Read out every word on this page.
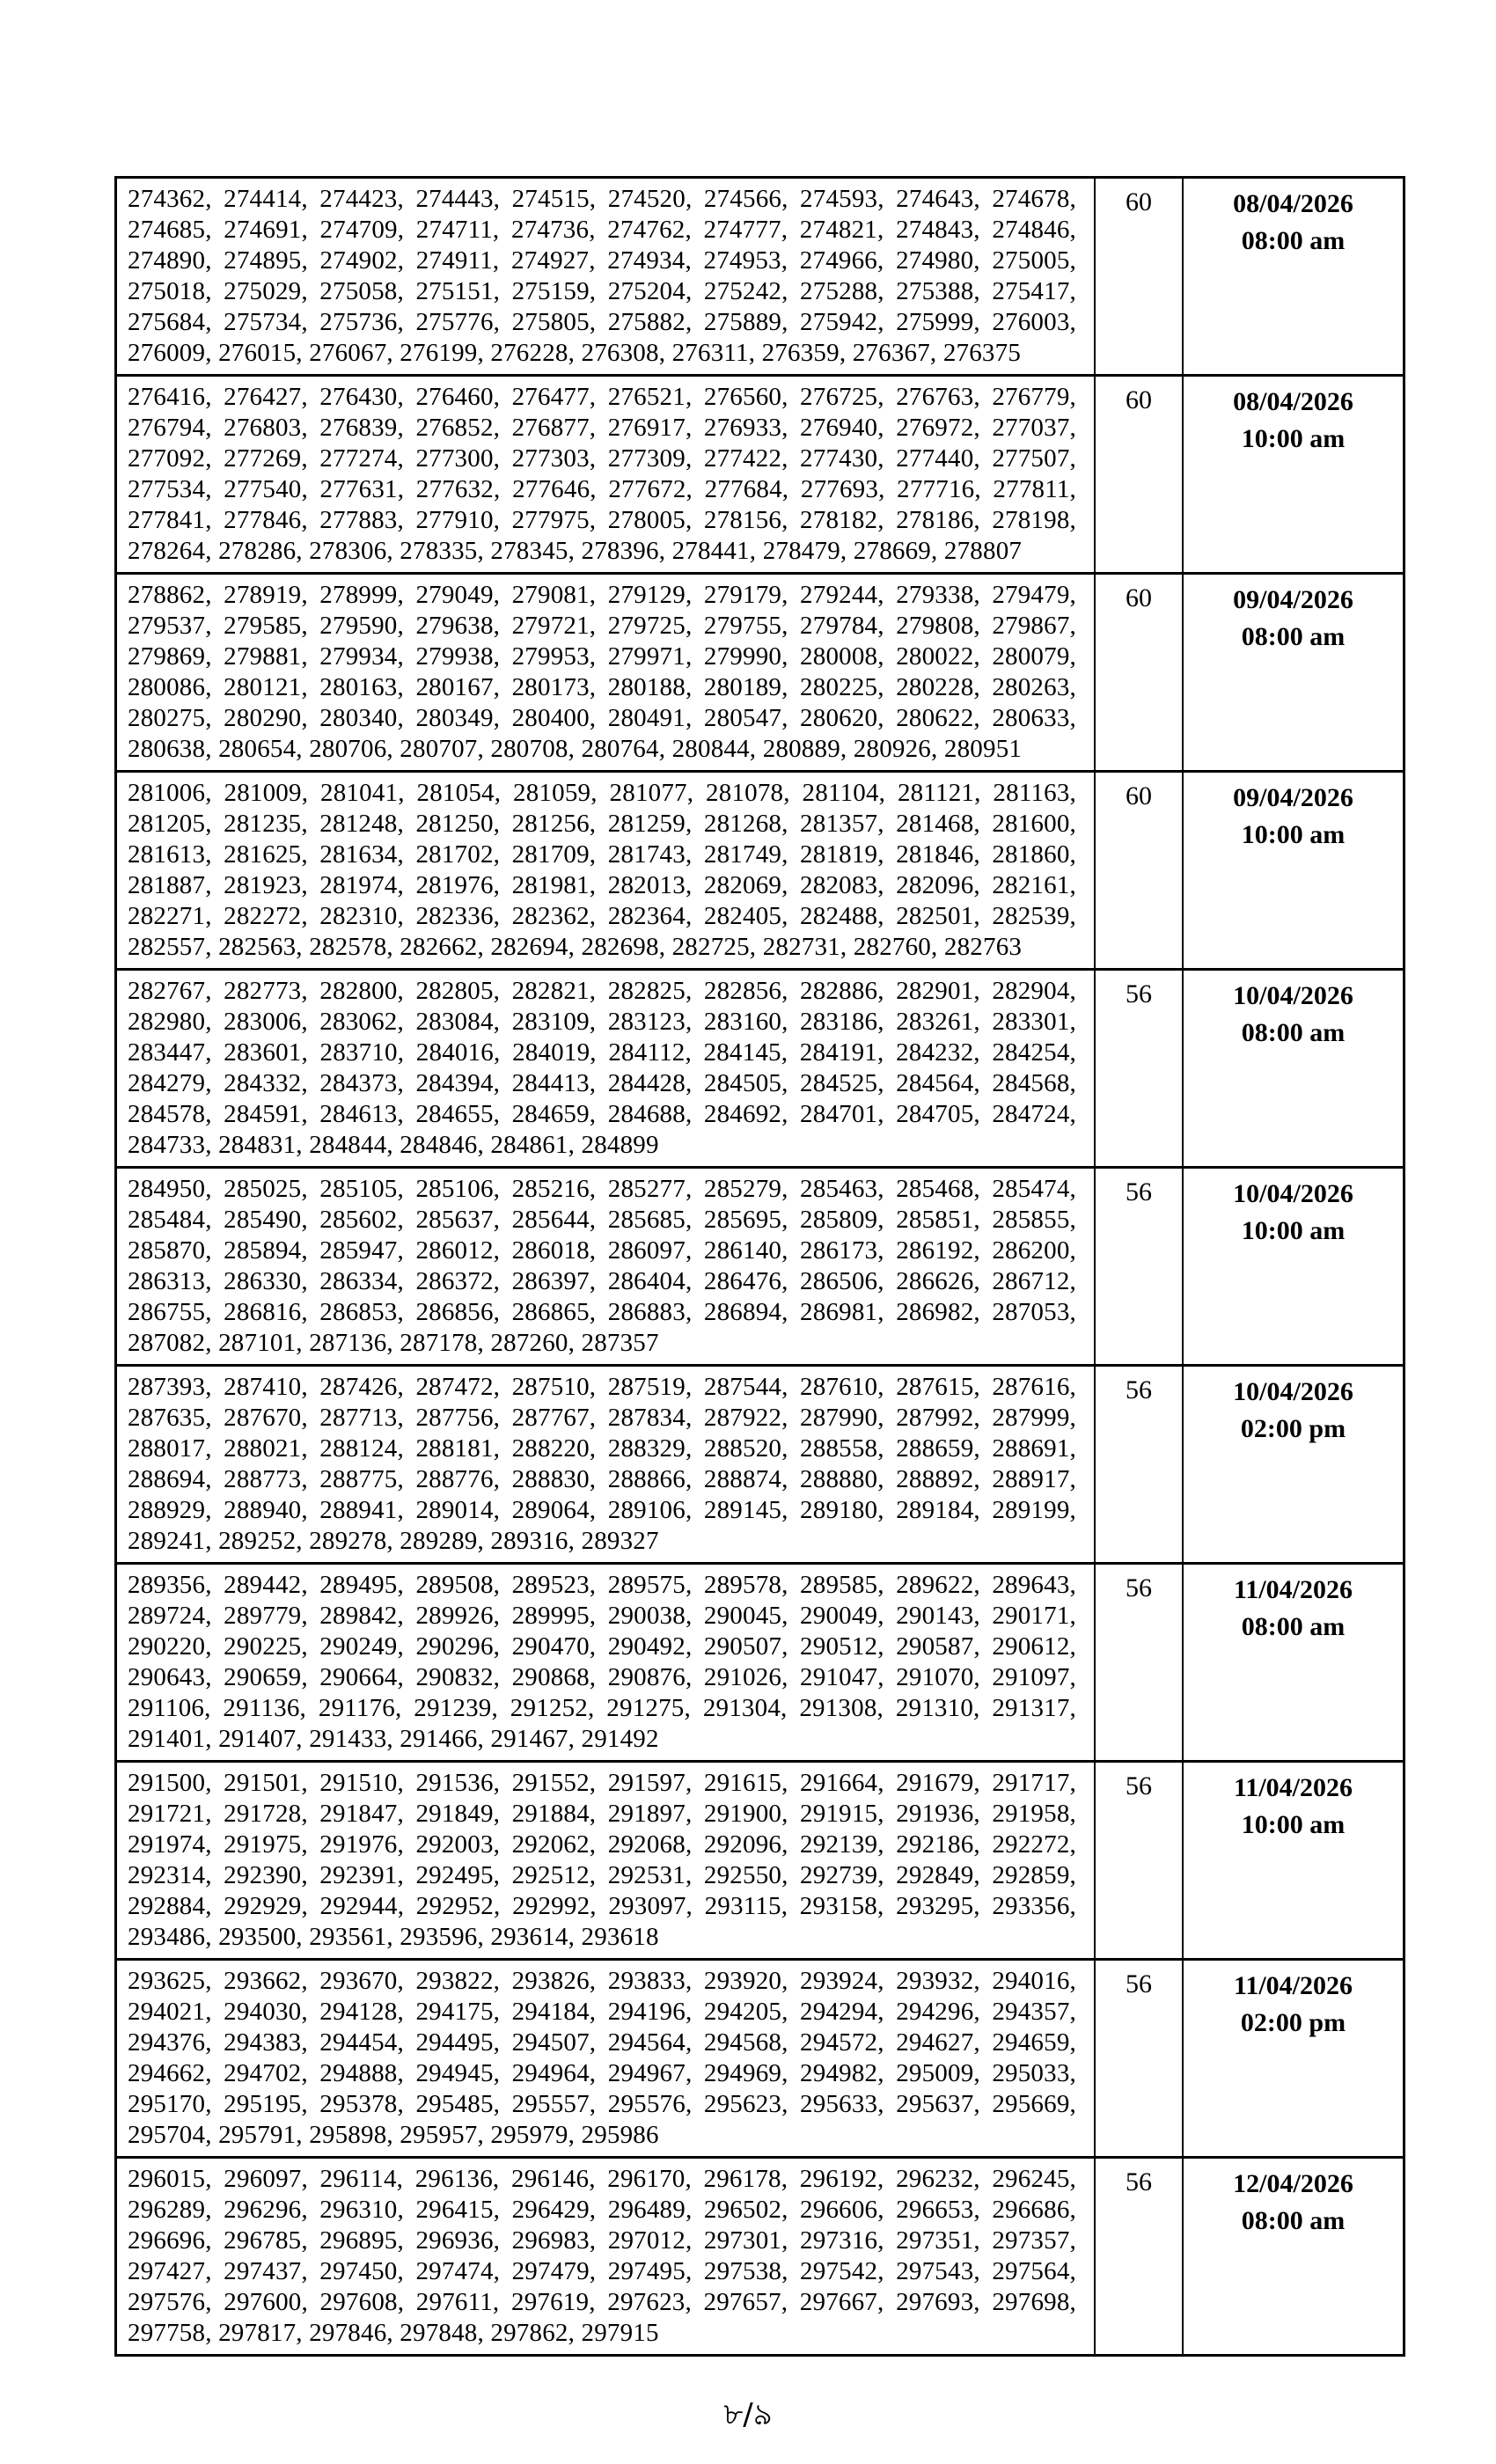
274362, 274414, 274423, 274443, 274515, 274520, 274566, 274593, 274643, 274678, 274685, 274691, 274709, 274711, 274736, 274762, 274777, 274821, 274843, 274846, 274890, 274895, 274902, 274911, 274927, 274934, 274953, 274966, 274980, 275005, 275018, 275029, 275058, 275151, 275159, 275204, 275242, 275288, 275388, 275417, 275684, 275734, 275736, 275776, 275805, 275882, 275889, 275942, 275999, 276003, 276009, 276015, 276067, 276199, 276228, 276308, 276311, 276359, 276367, 276375
60	08/04/2026
08:00 am
276416, 276427, 276430, 276460, 276477, 276521, 276560, 276725, 276763, 276779, 276794, 276803, 276839, 276852, 276877, 276917, 276933, 276940, 276972, 277037, 277092, 277269, 277274, 277300, 277303, 277309, 277422, 277430, 277440, 277507, 277534, 277540, 277631, 277632, 277646, 277672, 277684, 277693, 277716, 277811, 277841, 277846, 277883, 277910, 277975, 278005, 278156, 278182, 278186, 278198, 278264, 278286, 278306, 278335, 278345, 278396, 278441, 278479, 278669, 278807
60	08/04/2026
10:00 am
278862, 278919, 278999, 279049, 279081, 279129, 279179, 279244, 279338, 279479, 279537, 279585, 279590, 279638, 279721, 279725, 279755, 279784, 279808, 279867, 279869, 279881, 279934, 279938, 279953, 279971, 279990, 280008, 280022, 280079, 280086, 280121, 280163, 280167, 280173, 280188, 280189, 280225, 280228, 280263, 280275, 280290, 280340, 280349, 280400, 280491, 280547, 280620, 280622, 280633, 280638, 280654, 280706, 280707, 280708, 280764, 280844, 280889, 280926, 280951
60	09/04/2026
08:00 am
281006, 281009, 281041, 281054, 281059, 281077, 281078, 281104, 281121, 281163, 281205, 281235, 281248, 281250, 281256, 281259, 281268, 281357, 281468, 281600, 281613, 281625, 281634, 281702, 281709, 281743, 281749, 281819, 281846, 281860, 281887, 281923, 281974, 281976, 281981, 282013, 282069, 282083, 282096, 282161, 282271, 282272, 282310, 282336, 282362, 282364, 282405, 282488, 282501, 282539, 282557, 282563, 282578, 282662, 282694, 282698, 282725, 282731, 282760, 282763
60	09/04/2026
10:00 am
282767, 282773, 282800, 282805, 282821, 282825, 282856, 282886, 282901, 282904, 282980, 283006, 283062, 283084, 283109, 283123, 283160, 283186, 283261, 283301, 283447, 283601, 283710, 284016, 284019, 284112, 284145, 284191, 284232, 284254, 284279, 284332, 284373, 284394, 284413, 284428, 284505, 284525, 284564, 284568, 284578, 284591, 284613, 284655, 284659, 284688, 284692, 284701, 284705, 284724, 284733, 284831, 284844, 284846, 284861, 284899
56	10/04/2026
08:00 am
284950, 285025, 285105, 285106, 285216, 285277, 285279, 285463, 285468, 285474, 285484, 285490, 285602, 285637, 285644, 285685, 285695, 285809, 285851, 285855, 285870, 285894, 285947, 286012, 286018, 286097, 286140, 286173, 286192, 286200, 286313, 286330, 286334, 286372, 286397, 286404, 286476, 286506, 286626, 286712, 286755, 286816, 286853, 286856, 286865, 286883, 286894, 286981, 286982, 287053, 287082, 287101, 287136, 287178, 287260, 287357
56	10/04/2026
10:00 am
287393, 287410, 287426, 287472, 287510, 287519, 287544, 287610, 287615, 287616, 287635, 287670, 287713, 287756, 287767, 287834, 287922, 287990, 287992, 287999, 288017, 288021, 288124, 288181, 288220, 288329, 288520, 288558, 288659, 288691, 288694, 288773, 288775, 288776, 288830, 288866, 288874, 288880, 288892, 288917, 288929, 288940, 288941, 289014, 289064, 289106, 289145, 289180, 289184, 289199, 289241, 289252, 289278, 289289, 289316, 289327
56	10/04/2026
02:00 pm
289356, 289442, 289495, 289508, 289523, 289575, 289578, 289585, 289622, 289643, 289724, 289779, 289842, 289926, 289995, 290038, 290045, 290049, 290143, 290171, 290220, 290225, 290249, 290296, 290470, 290492, 290507, 290512, 290587, 290612, 290643, 290659, 290664, 290832, 290868, 290876, 291026, 291047, 291070, 291097, 291106, 291136, 291176, 291239, 291252, 291275, 291304, 291308, 291310, 291317, 291401, 291407, 291433, 291466, 291467, 291492
56	11/04/2026
08:00 am
291500, 291501, 291510, 291536, 291552, 291597, 291615, 291664, 291679, 291717, 291721, 291728, 291847, 291849, 291884, 291897, 291900, 291915, 291936, 291958, 291974, 291975, 291976, 292003, 292062, 292068, 292096, 292139, 292186, 292272, 292314, 292390, 292391, 292495, 292512, 292531, 292550, 292739, 292849, 292859, 292884, 292929, 292944, 292952, 292992, 293097, 293115, 293158, 293295, 293356, 293486, 293500, 293561, 293596, 293614, 293618
56	11/04/2026
10:00 am
293625, 293662, 293670, 293822, 293826, 293833, 293920, 293924, 293932, 294016, 294021, 294030, 294128, 294175, 294184, 294196, 294205, 294294, 294296, 294357, 294376, 294383, 294454, 294495, 294507, 294564, 294568, 294572, 294627, 294659, 294662, 294702, 294888, 294945, 294964, 294967, 294969, 294982, 295009, 295033, 295170, 295195, 295378, 295485, 295557, 295576, 295623, 295633, 295637, 295669, 295704, 295791, 295898, 295957, 295979, 295986
56	11/04/2026
02:00 pm
296015, 296097, 296114, 296136, 296146, 296170, 296178, 296192, 296232, 296245, 296289, 296296, 296310, 296415, 296429, 296489, 296502, 296606, 296653, 296686, 296696, 296785, 296895, 296936, 296983, 297012, 297301, 297316, 297351, 297357, 297427, 297437, 297450, 297474, 297479, 297495, 297538, 297542, 297543, 297564, 297576, 297600, 297608, 297611, 297619, 297623, 297657, 297667, 297693, 297698, 297758, 297817, 297846, 297848, 297862, 297915
56	12/04/2026
08:00 am
৮/৯
